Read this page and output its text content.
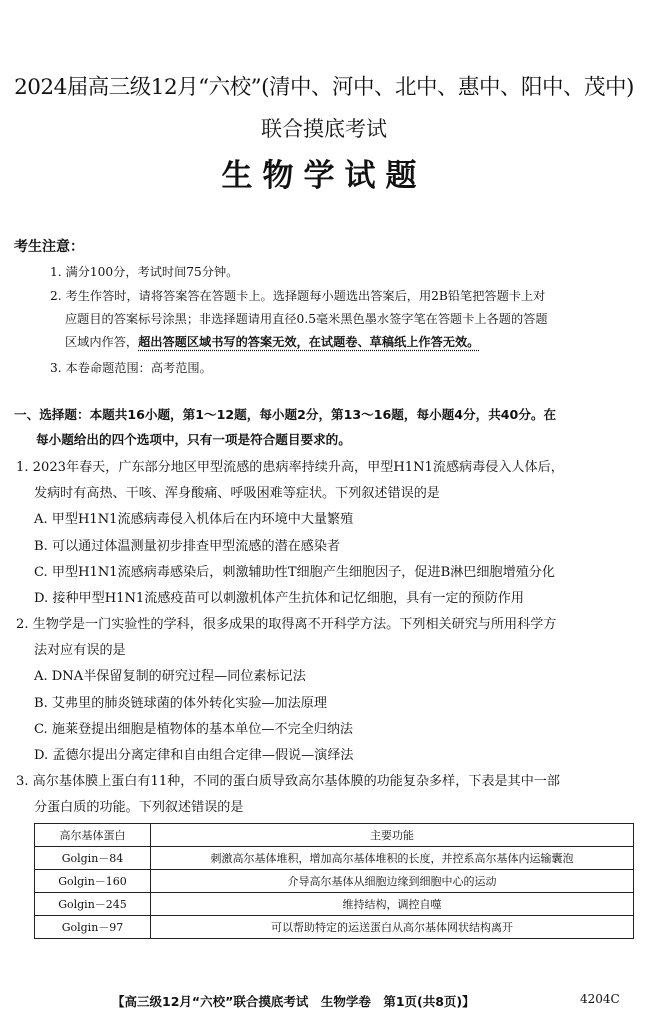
2024届高三级12月“六校”(清中、河中、北中、惠中、阳中、茂中)
联合摸底考试
生物学试题
考生注意：
1. 满分100分，考试时间75分钟。
2. 考生作答时，请将答案答在答题卡上。选择题每小题选出答案后，用2B铅笔把答题卡上对
应题目的答案标号涂黑；非选择题请用直径0.5毫米黑色墨水签字笔在答题卡上各题的答题
区域内作答，超出答题区域书写的答案无效，在试题卷、草稿纸上作答无效。
3. 本卷命题范围：高考范围。
一、选择题：本题共16小题，第1～12题，每小题2分，第13～16题，每小题4分，共40分。在
每小题给出的四个选项中，只有一项是符合题目要求的。
1. 2023年春天，广东部分地区甲型流感的患病率持续升高，甲型H1N1流感病毒侵入人体后，
发病时有高热、干咳、浑身酸痛、呼吸困难等症状。下列叙述错误的是
A. 甲型H1N1流感病毒侵入机体后在内环境中大量繁殖
B. 可以通过体温测量初步排查甲型流感的潜在感染者
C. 甲型H1N1流感病毒感染后，刺激辅助性T细胞产生细胞因子，促进B淋巴细胞增殖分化
D. 接种甲型H1N1流感疫苗可以刺激机体产生抗体和记忆细胞，具有一定的预防作用
2. 生物学是一门实验性的学科，很多成果的取得离不开科学方法。下列相关研究与所用科学方
法对应有误的是
A. DNA半保留复制的研究过程—同位素标记法
B. 艾弗里的肺炎链球菌的体外转化实验—加法原理
C. 施莱登提出细胞是植物体的基本单位—不完全归纳法
D. 孟德尔提出分离定律和自由组合定律—假说—演绎法
3. 高尔基体膜上蛋白有11种，不同的蛋白质导致高尔基体膜的功能复杂多样，下表是其中一部
分蛋白质的功能。下列叙述错误的是
高尔基体蛋白	主要功能
Golgin－84	刺激高尔基体堆积，增加高尔基体堆积的长度，并控系高尔基体内运输囊泡
Golgin－160	介导高尔基体从细胞边缘到细胞中心的运动
Golgin－245	维持结构，调控自噬
Golgin－97	可以帮助特定的运送蛋白从高尔基体网状结构离开
【高三级12月“六校”联合摸底考试　生物学卷　第1页(共8页)】	4204C
